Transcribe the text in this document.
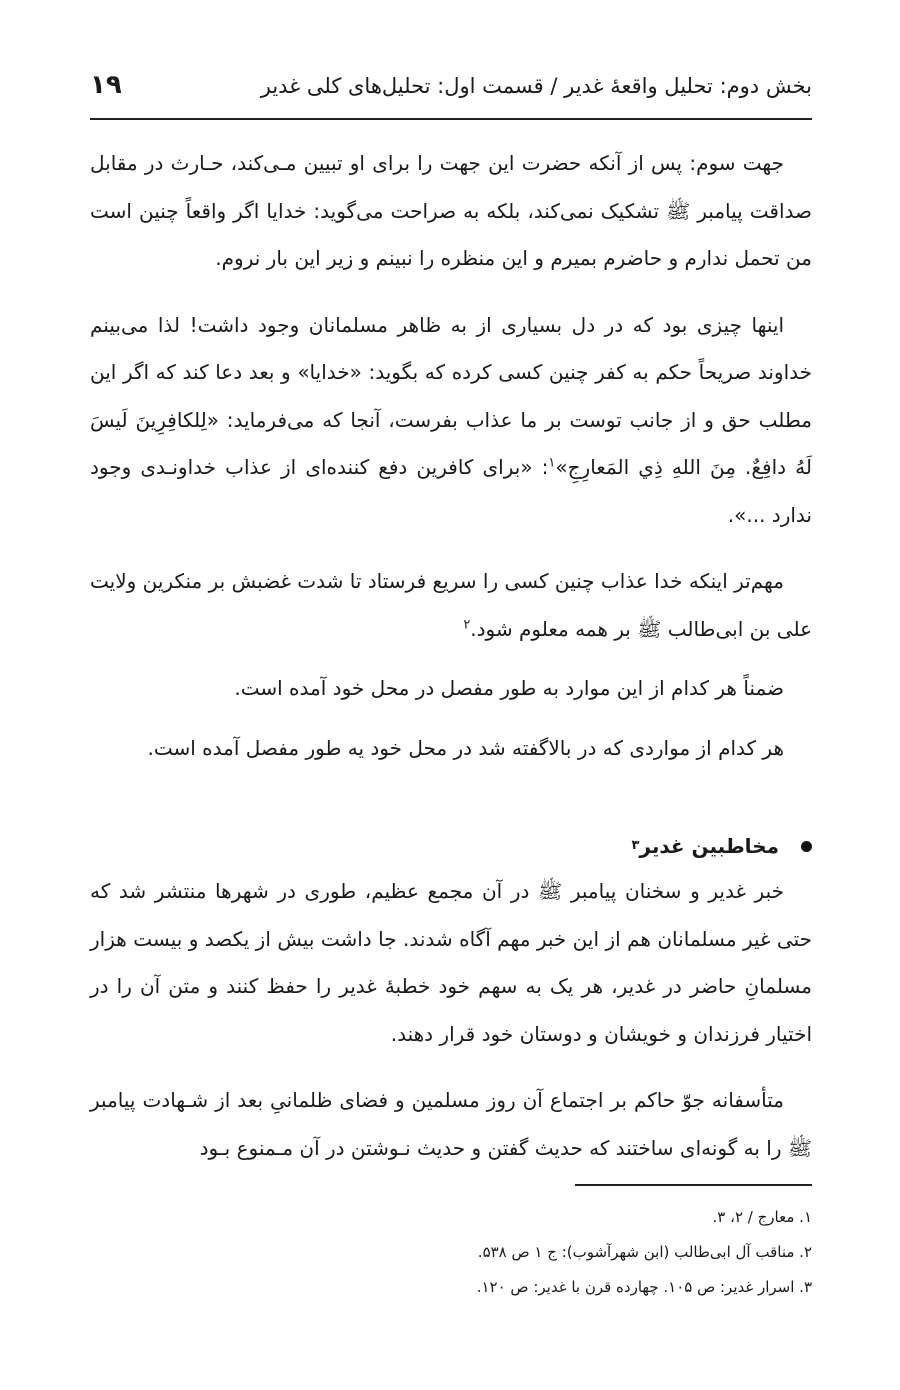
بخش دوم: تحلیل واقعهٔ غدیر / قسمت اول: تحلیل‌های کلی غدیر
۱۹

جهت سوم: پس از آنکه حضرت این جهت را برای او تبیین مـی‌کند، حـارث در مقابل صداقت پیامبر ﷺ تشکیک نمی‌کند، بلکه به صراحت می‌گوید: خدایا اگر واقعاً چنین است من تحمل ندارم و حاضرم بمیرم و این منظره را نبینم و زیر این بار نروم.

اینها چیزی بود که در دل بسیاری از به ظاهر مسلمانان وجود داشت! لذا می‌بینم خداوند صریحاً حکم به کفر چنین کسی کرده که بگوید: «خدایا» و بعد دعا کند که اگر این مطلب حق و از جانب توست بر ما عذاب بفرست، آنجا که می‌فرماید: «لِلكافِرِينَ لَيسَ لَهُ دافِعٌ. مِنَ اللهِ ذِي المَعارِجِ»$^۱$: «برای کافرین دفع کننده‌ای از عذاب خداونـدی وجود ندارد ...».

مهم‌تر اینکه خدا عذاب چنین کسی را سریع فرستاد تا شدت غضبش بر منکرین ولایت علی بن ابی‌طالب ﷺ بر همه معلوم شود.$^۲$

ضمناً هر کدام از این موارد به طور مفصل در محل خود آمده است.

هر کدام از مواردی که در بالاگفته شد در محل خود یه طور مفصل آمده است.

مخاطبین غدیر
۳

خبر غدیر و سخنان پیامبر ﷺ در آن مجمع عظیم، طوری در شهرها منتشر شد که حتی غیر مسلمانان هم از این خبر مهم آگاه شدند. جا داشت بیش از یکصد و بیست هزار مسلمانِ حاضر در غدیر، هر یک به سهم خود خطبهٔ غدیر را حفظ کنند و متن آن را در اختیار فرزندان و خویشان و دوستان خود قرار دهند.

متأسفانه جوّ حاکم بر اجتماع آن روز مسلمین و فضای ظلمانیِ بعد از شـهادت پیامبر ﷺ را به گونه‌ای ساختند که حدیث گفتن و حدیث نـوشتن در آن مـمنوع بـود

۱. معارج / ۲، ۳.
۲. مناقب آل ابی‌طالب (ابن شهرآشوب): ج ۱ ص ۵۳۸.
۳. اسرار غدیر: ص ۱۰۵. چهارده قرن با غدیر: ص ۱۲۰.
